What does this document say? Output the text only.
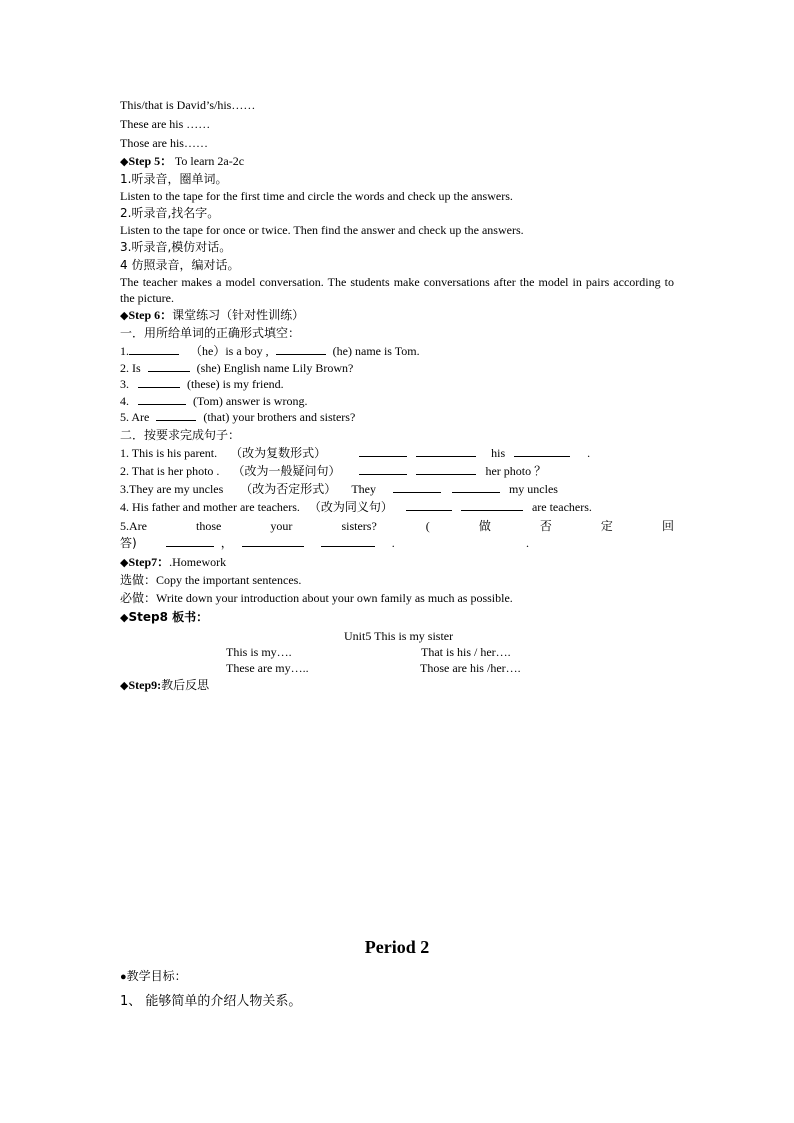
This/that is David’s/his……
These are his ……
Those are his……
◆Step 5： To learn 2a-2c
1.听录音，圈单词。
Listen to the tape for the first time and circle the words and check up the answers.
2.听录音,找名字。
Listen to the tape for once or twice. Then find the answer and check up the answers.
3.听录音,模仿对话。
4 仿照录音，编对话。
The teacher makes a model conversation. The students make conversations after the model in pairs according to the picture.
◆Step 6：课堂练习（针对性训练）
一．用所给单词的正确形式填空：
1.	（he）is a boy ,	(he) name is Tom.
2. Is	(she) English name Lily Brown?
3.	(these) is my friend.
4.	(Tom) answer is wrong.
5. Are	(that) your brothers and sisters?
二．按要求完成句子：
1. This is his parent. （改为复数形式）	his	.
2. That is her photo . （改为一般疑问句）	her photo ？
3.They are my uncles （改为否定形式） They	my uncles
4. His father and mother are teachers. （改为同义句）	are teachers.
5.Are	those	your	sisters?	(	做	否	定	回
答)	，	.	.
◆Step7：.Homework
选做：Copy the important sentences.
必做：Write down your introduction about your own family as much as possible.
◆Step8 板书：
Unit5 This is my sister
This is my….	That is his / her….
These are my…..	Those are his /her….
◆Step9:教后反思
Period 2
●教学目标：
1、 能够简单的介绍人物关系。
